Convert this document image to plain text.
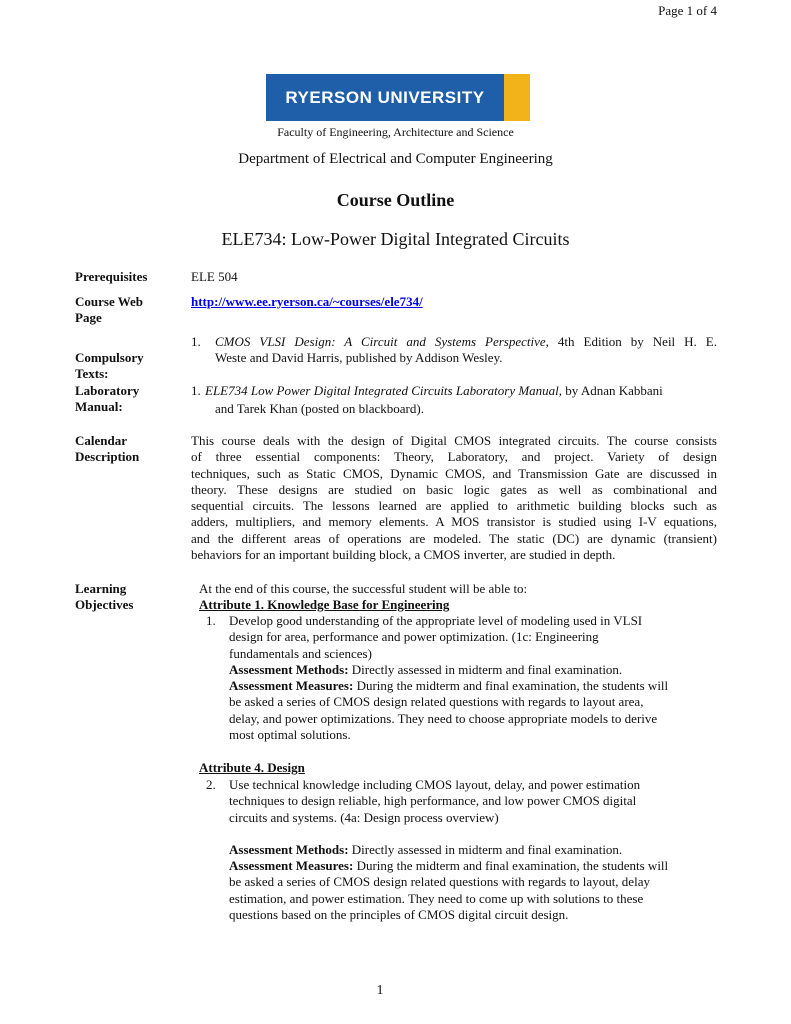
Page 1 of 4
RYERSON UNIVERSITY
Faculty of Engineering, Architecture and Science
Department of Electrical and Computer Engineering
Course Outline
ELE734: Low-Power Digital Integrated Circuits
Prerequisites	ELE 504
Course Web
Page
http://www.ee.ryerson.ca/~courses/ele734/
Compulsory
Texts:
1. CMOS VLSI Design: A Circuit and Systems Perspective, 4th Edition by Neil H. E.
Weste and David Harris, published by Addison Wesley.
Laboratory
Manual:
1. ELE734 Low Power Digital Integrated Circuits Laboratory Manual, by Adnan Kabbani
and Tarek Khan (posted on blackboard).
Calendar
Description
This course deals with the design of Digital CMOS integrated circuits. The course consists
of three essential components: Theory, Laboratory, and project. Variety of design
techniques, such as Static CMOS, Dynamic CMOS, and Transmission Gate are discussed in
theory. These designs are studied on basic logic gates as well as combinational and
sequential circuits. The lessons learned are applied to arithmetic building blocks such as
adders, multipliers, and memory elements. A MOS transistor is studied using I-V equations,
and the different areas of operations are modeled. The static (DC) are dynamic (transient)
behaviors for an important building block, a CMOS inverter, are studied in depth.
Learning
Objectives
At the end of this course, the successful student will be able to:
Attribute 1. Knowledge Base for Engineering
1. Develop good understanding of the appropriate level of modeling used in VLSI
design for area, performance and power optimization. (1c: Engineering
fundamentals and sciences)
Assessment Methods: Directly assessed in midterm and final examination.
Assessment Measures: During the midterm and final examination, the students will
be asked a series of CMOS design related questions with regards to layout area,
delay, and power optimizations. They need to choose appropriate models to derive
most optimal solutions.
Attribute 4. Design
2. Use technical knowledge including CMOS layout, delay, and power estimation
techniques to design reliable, high performance, and low power CMOS digital
circuits and systems. (4a: Design process overview)
Assessment Methods: Directly assessed in midterm and final examination.
Assessment Measures: During the midterm and final examination, the students will
be asked a series of CMOS design related questions with regards to layout, delay
estimation, and power estimation. They need to come up with solutions to these
questions based on the principles of CMOS digital circuit design.
1
